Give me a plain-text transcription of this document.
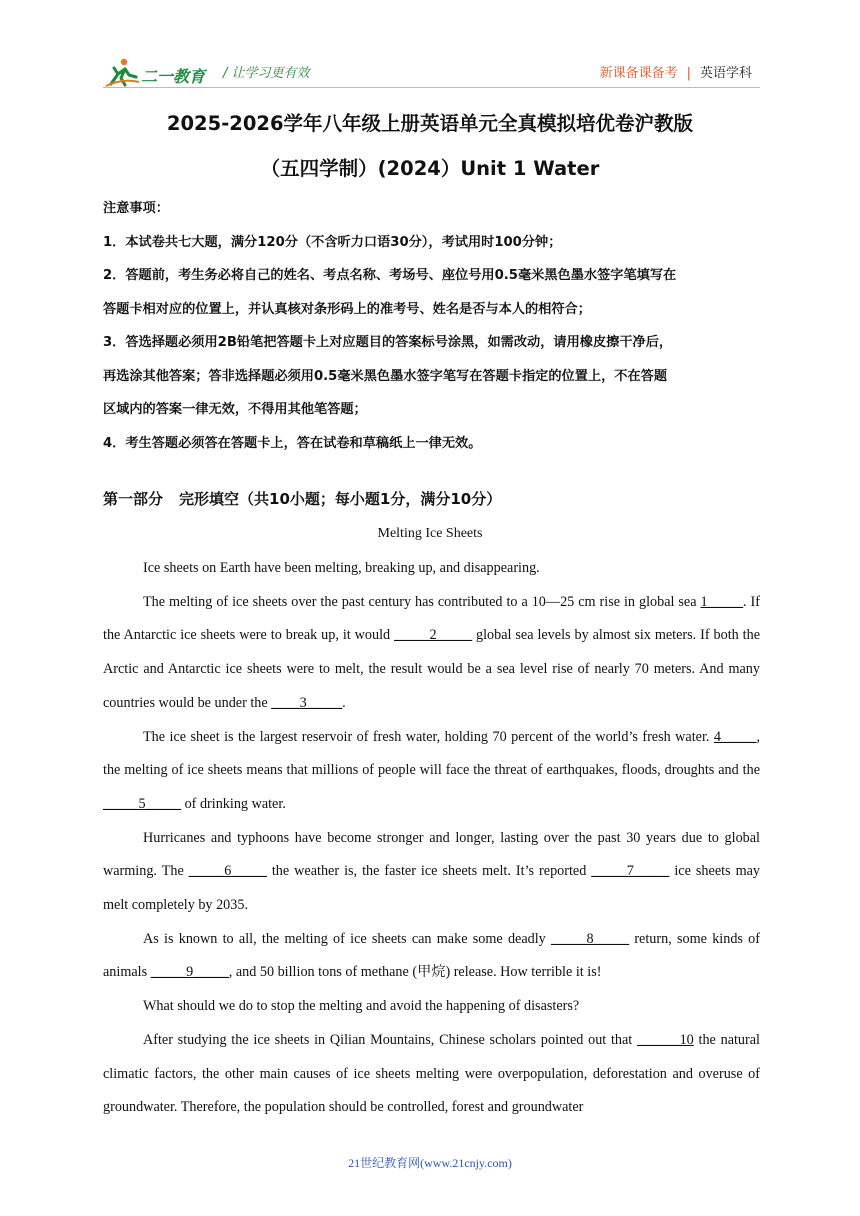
二一教育 / 让学习更有效	新课备课备考 | 英语学科
2025-2026学年八年级上册英语单元全真模拟培优卷沪教版
（五四学制）(2024）Unit 1 Water

注意事项：

1．本试卷共七大题，满分120分（不含听力口语30分），考试用时100分钟；

2．答题前，考生务必将自己的姓名、考点名称、考场号、座位号用0.5毫米黑色墨水签字笔填写在

答题卡相对应的位置上，并认真核对条形码上的准考号、姓名是否与本人的相符合；

3．答选择题必须用2B铅笔把答题卡上对应题目的答案标号涂黑，如需改动，请用橡皮擦干净后，

再选涂其他答案；答非选择题必须用0.5毫米黑色墨水签字笔写在答题卡指定的位置上，不在答题

区域内的答案一律无效，不得用其他笔答题；

4．考生答题必须答在答题卡上，答在试卷和草稿纸上一律无效。

第一部分 完形填空（共10小题；每小题1分，满分10分）
Melting Ice Sheets

Ice sheets on Earth have been melting, breaking up, and disappearing.

The melting of ice sheets over the past century has contributed to a 10—25 cm rise in global sea 1_____. If the Antarctic ice sheets were to break up, it would _____2_____ global sea levels by almost six meters. If both the Arctic and Antarctic ice sheets were to melt, the result would be a sea level rise of nearly 70 meters. And many countries would be under the ____3_____.

The ice sheet is the largest reservoir of fresh water, holding 70 percent of the world’s fresh water. 4_____, the melting of ice sheets means that millions of people will face the threat of earthquakes, floods, droughts and the _____5_____ of drinking water.

Hurricanes and typhoons have become stronger and longer, lasting over the past 30 years due to global warming. The _____6_____ the weather is, the faster ice sheets melt. It’s reported _____7_____ ice sheets may melt completely by 2035.

As is known to all, the melting of ice sheets can make some deadly _____8_____ return, some kinds of animals _____9_____, and 50 billion tons of methane (甲烷) release. How terrible it is!

What should we do to stop the melting and avoid the happening of disasters?

After studying the ice sheets in Qilian Mountains, Chinese scholars pointed out that ______10 the natural climatic factors, the other main causes of ice sheets melting were overpopulation, deforestation and overuse of groundwater. Therefore, the population should be controlled, forest and groundwater

21世纪教育网(www.21cnjy.com)
